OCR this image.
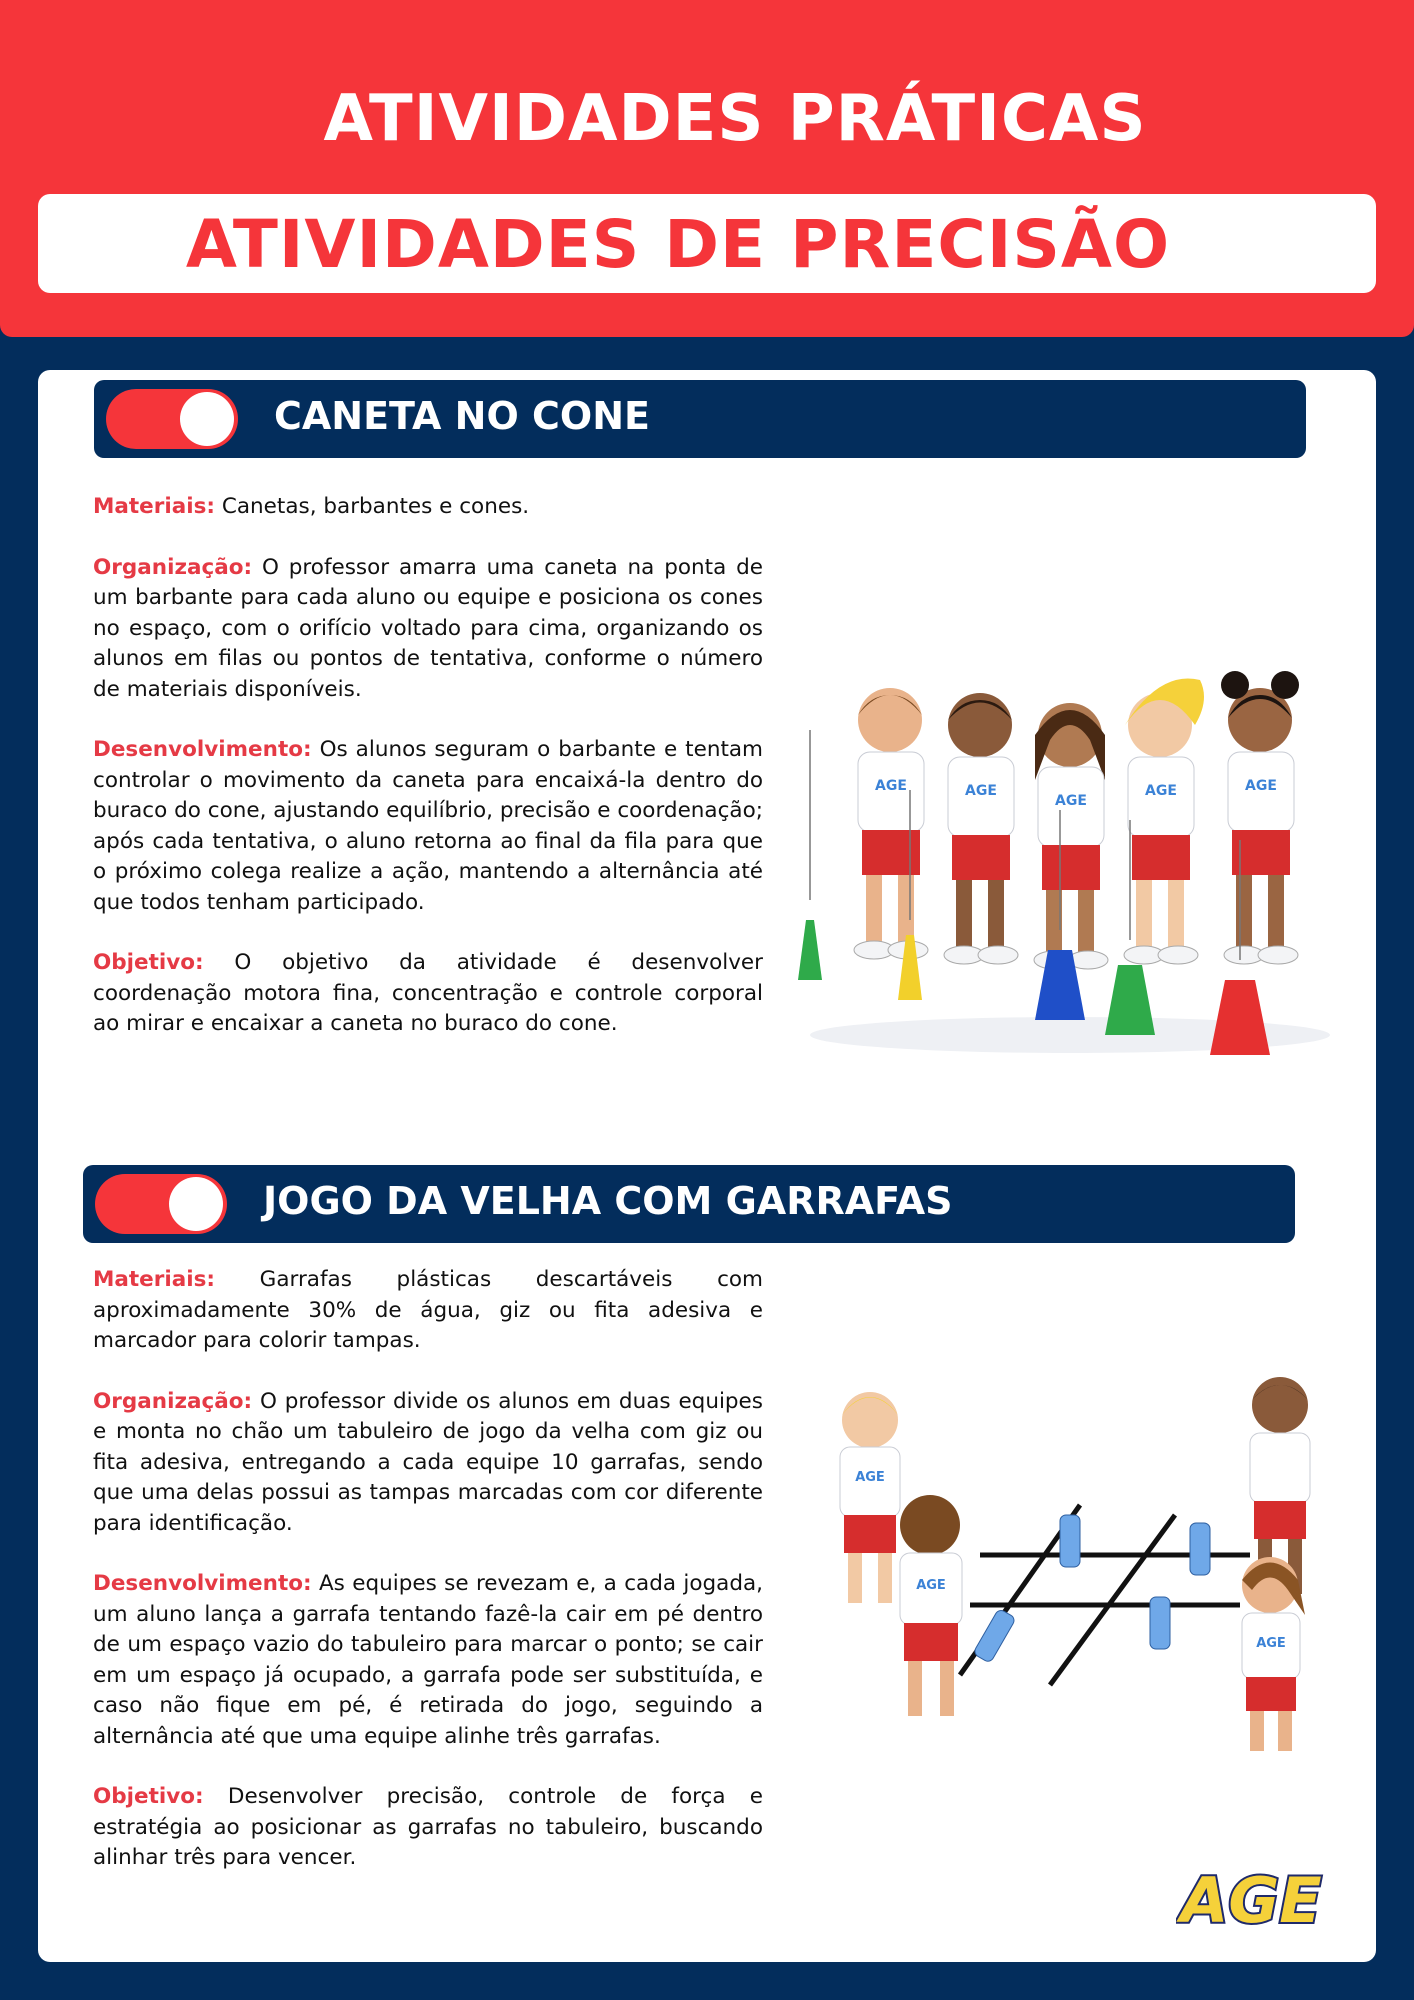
ATIVIDADES PRÁTICAS
ATIVIDADES DE PRECISÃO
CANETA NO CONE

Materiais: Canetas, barbantes e cones.

Organização: O professor amarra uma caneta na ponta de um barbante para cada aluno ou equipe e posiciona os cones no espaço, com o orifício voltado para cima, organizando os alunos em filas ou pontos de tentativa, conforme o número de materiais disponíveis.

Desenvolvimento: Os alunos seguram o barbante e tentam controlar o movimento da caneta para encaixá-la dentro do buraco do cone, ajustando equilíbrio, precisão e coordenação; após cada tentativa, o aluno retorna ao final da fila para que o próximo colega realize a ação, mantendo a alternância até que todos tenham participado.

Objetivo: O objetivo da atividade é desenvolver coordenação motora fina, concentração e controle corporal ao mirar e encaixar a caneta no buraco do cone.

AGE	AGE
AGE
AGE	AGE
JOGO DA VELHA COM GARRAFAS

Materiais: Garrafas plásticas descartáveis com aproximadamente 30% de água, giz ou fita adesiva e marcador para colorir tampas.

Organização: O professor divide os alunos em duas equipes e monta no chão um tabuleiro de jogo da velha com giz ou fita adesiva, entregando a cada equipe 10 garrafas, sendo que uma delas possui as tampas marcadas com cor diferente para identificação.

Desenvolvimento: As equipes se revezam e, a cada jogada, um aluno lança a garrafa tentando fazê-la cair em pé dentro de um espaço vazio do tabuleiro para marcar o ponto; se cair em um espaço já ocupado, a garrafa pode ser substituída, e caso não fique em pé, é retirada do jogo, seguindo a alternância até que uma equipe alinhe três garrafas.

Objetivo: Desenvolver precisão, controle de força e estratégia ao posicionar as garrafas no tabuleiro, buscando alinhar três para vencer.

AGE
AGE
AGE
AGE
